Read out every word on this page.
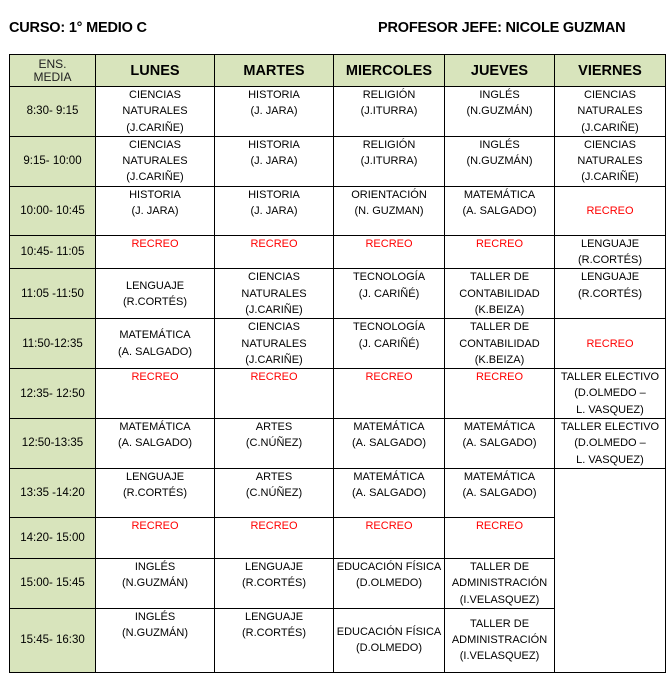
CURSO: 1° MEDIO C	PROFESOR JEFE: NICOLE GUZMAN
ENS.
MEDIA	LUNES	MARTES	MIERCOLES	JUEVES	VIERNES
8:30- 9:15	CIENCIAS
NATURALES
(J.CARIÑE)	HISTORIA
(J. JARA)	RELIGIÓN
(J.ITURRA)	INGLÉS
(N.GUZMÁN)	CIENCIAS
NATURALES
(J.CARIÑE)

9:15- 10:00	CIENCIAS
NATURALES
(J.CARIÑE)	HISTORIA
(J. JARA)	RELIGIÓN
(J.ITURRA)	INGLÉS
(N.GUZMÁN)	CIENCIAS
NATURALES
(J.CARIÑE)

10:00- 10:45	HISTORIA
(J. JARA)	HISTORIA
(J. JARA)	ORIENTACIÓN
(N. GUZMAN)	MATEMÁTICA
(A. SALGADO)	RECREO

10:45- 11:05	RECREO	RECREO	RECREO	RECREO	LENGUAJE
(R.CORTÉS)

11:05 -11:50	LENGUAJE
(R.CORTÉS)	CIENCIAS
NATURALES
(J.CARIÑE)	TECNOLOGÍA
(J. CARIÑÉ)	TALLER DE
CONTABILIDAD
(K.BEIZA)	LENGUAJE
(R.CORTÉS)

11:50-12:35	MATEMÁTICA
(A. SALGADO)	CIENCIAS
NATURALES
(J.CARIÑE)	TECNOLOGÍA
(J. CARIÑÉ)	TALLER DE
CONTABILIDAD
(K.BEIZA)	RECREO

12:35- 12:50	RECREO	RECREO	RECREO	RECREO	TALLER ELECTIVO
(D.OLMEDO –
L. VASQUEZ)

12:50-13:35	MATEMÁTICA
(A. SALGADO)	ARTES
(C.NÚÑEZ)	MATEMÁTICA
(A. SALGADO)	MATEMÁTICA
(A. SALGADO)	TALLER ELECTIVO
(D.OLMEDO –
L. VASQUEZ)

13:35 -14:20	LENGUAJE
(R.CORTÉS)	ARTES
(C.NÚÑEZ)	MATEMÁTICA
(A. SALGADO)	MATEMÁTICA
(A. SALGADO)	

14:20- 15:00	RECREO	RECREO	RECREO	RECREO	

15:00- 15:45	INGLÉS
(N.GUZMÁN)	LENGUAJE
(R.CORTÉS)	EDUCACIÓN FÍSICA
(D.OLMEDO)	TALLER DE
ADMINISTRACIÓN
(I.VELASQUEZ)	

15:45- 16:30	INGLÉS
(N.GUZMÁN)	LENGUAJE
(R.CORTÉS)	EDUCACIÓN FÍSICA
(D.OLMEDO)	TALLER DE
ADMINISTRACIÓN
(I.VELASQUEZ)	
